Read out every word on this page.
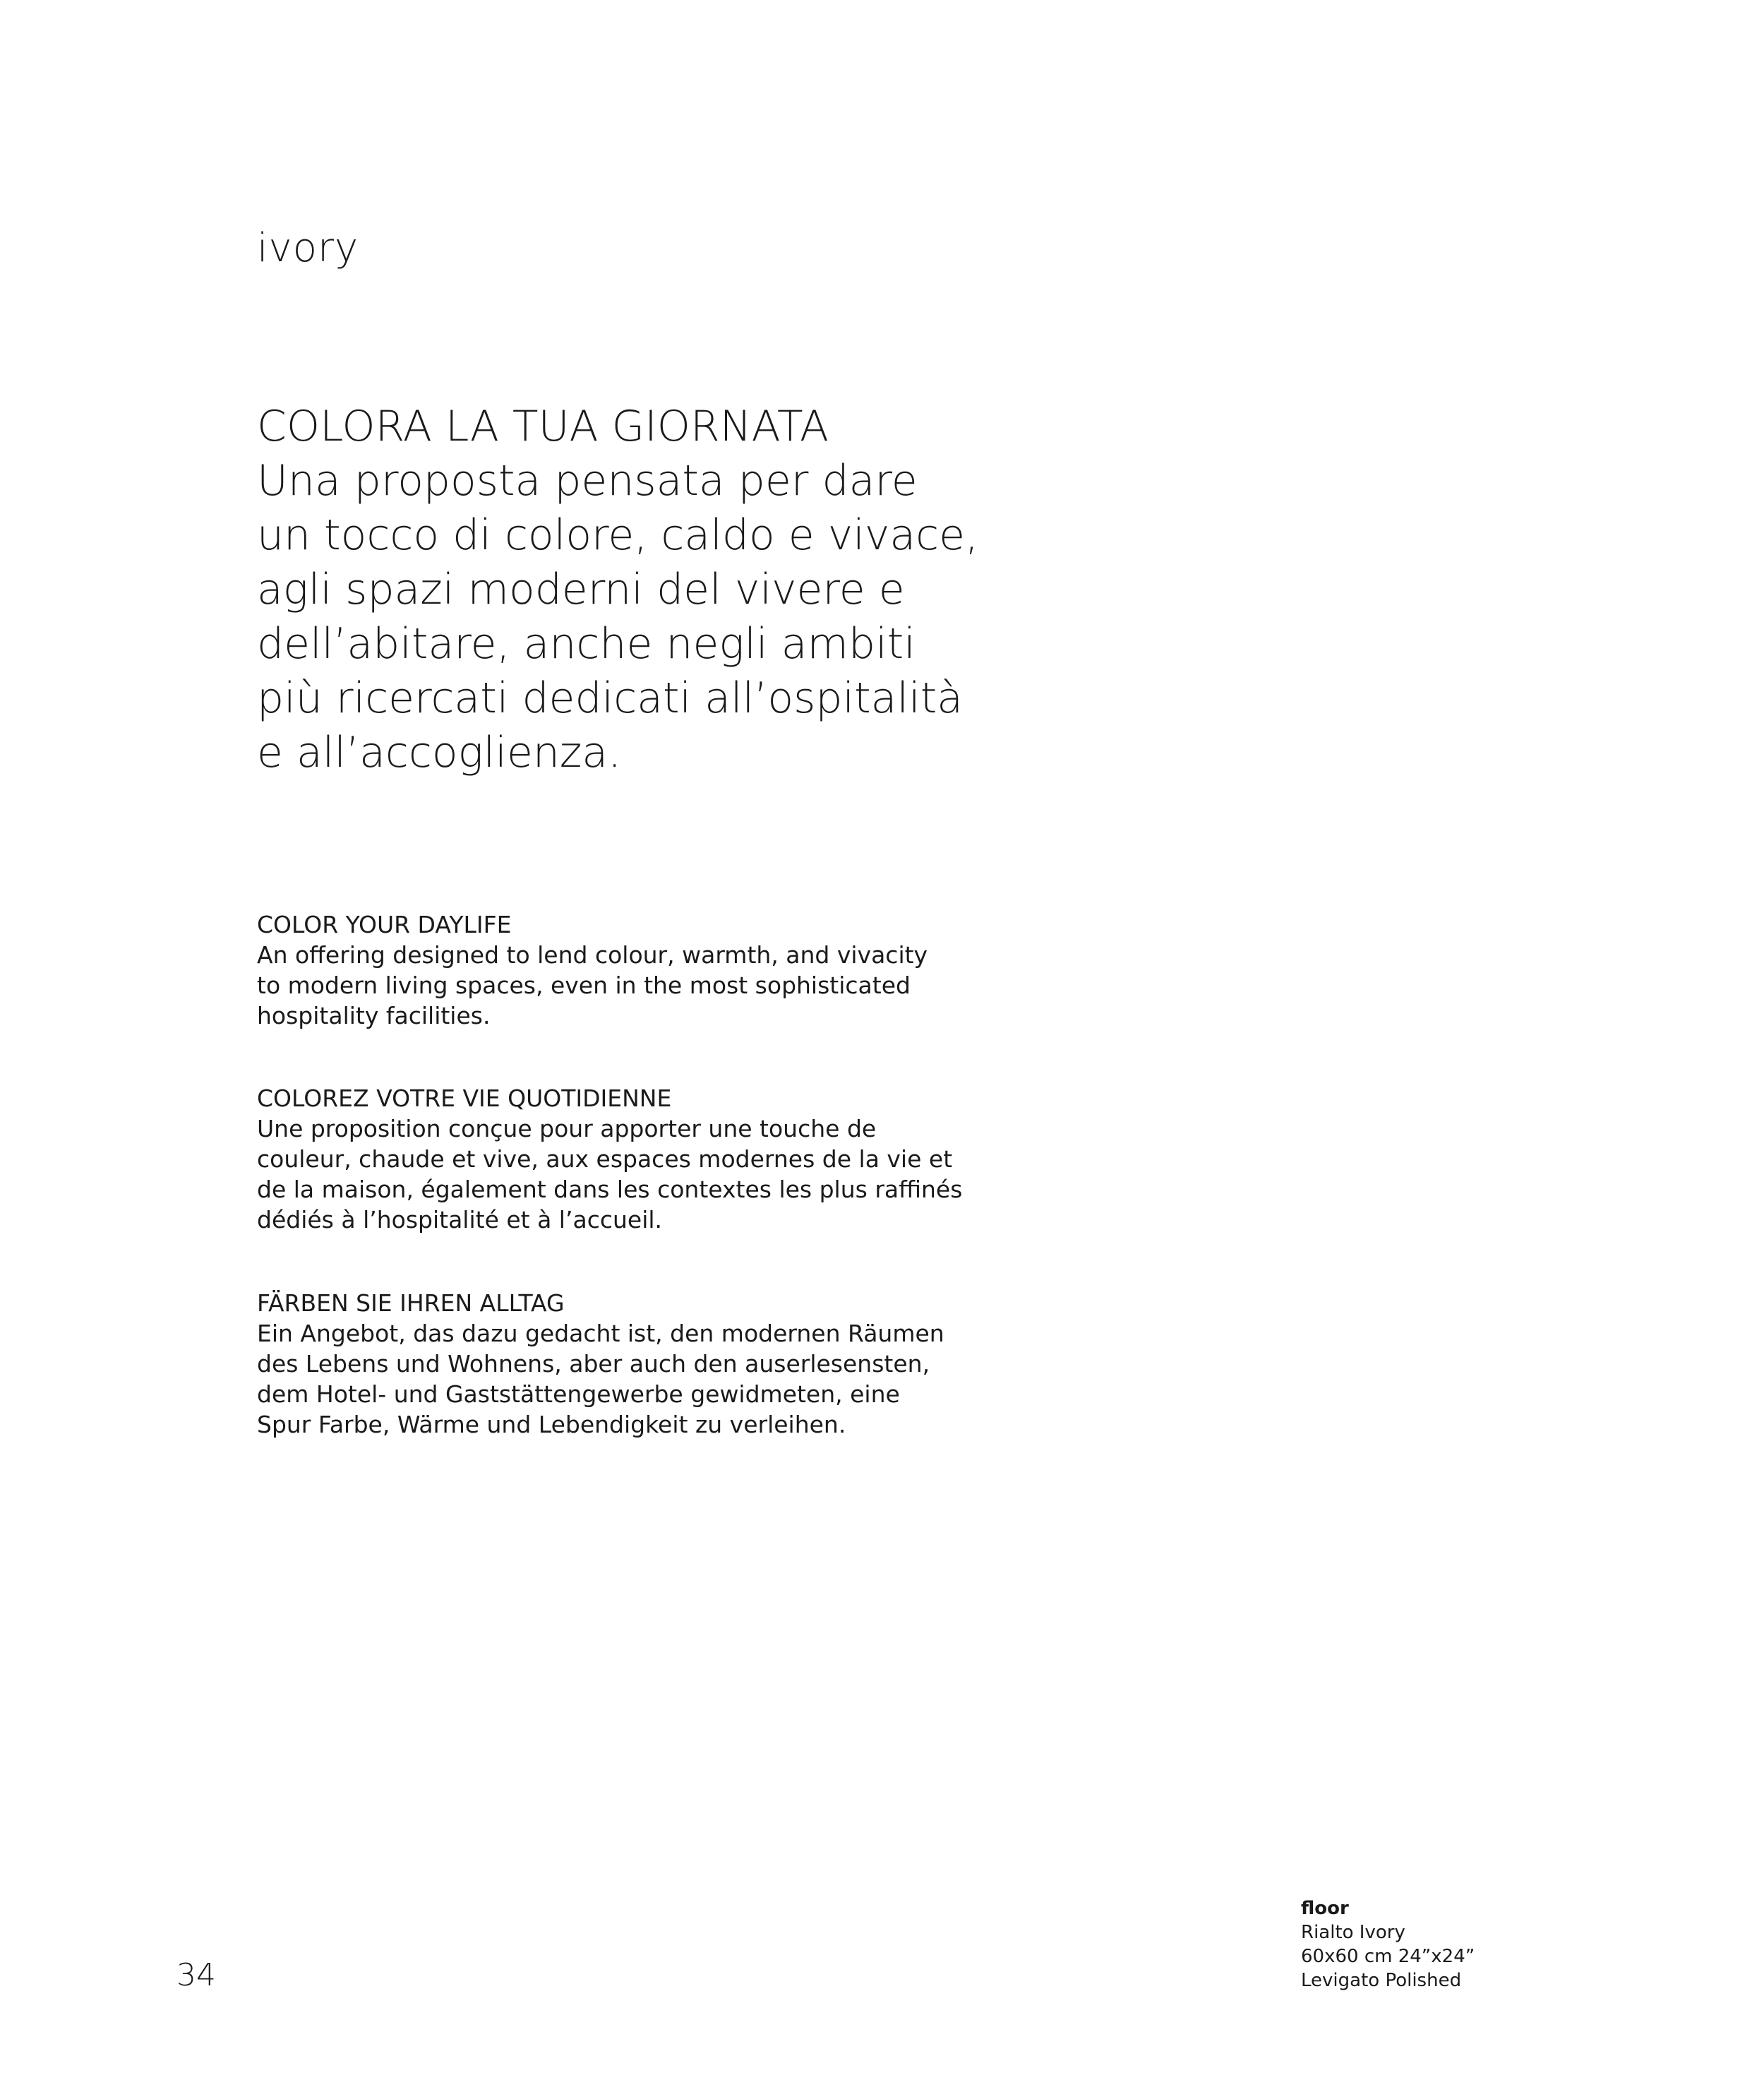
ivory
COLORA LA TUA GIORNATA
Una proposta pensata per dare
un tocco di colore, caldo e vivace,
agli spazi moderni del vivere e
dell’abitare, anche negli ambiti
più ricercati dedicati all’ospitalità
e all’accoglienza.
COLOR YOUR DAYLIFE
An offering designed to lend colour, warmth, and vivacity
to modern living spaces, even in the most sophisticated
hospitality facilities.
COLOREZ VOTRE VIE QUOTIDIENNE
Une proposition conçue pour apporter une touche de
couleur, chaude et vive, aux espaces modernes de la vie et
de la maison, également dans les contextes les plus raffinés
dédiés à l’hospitalité et à l’accueil.
FÄRBEN SIE IHREN ALLTAG
Ein Angebot, das dazu gedacht ist, den modernen Räumen
des Lebens und Wohnens, aber auch den auserlesensten,
dem Hotel- und Gaststättengewerbe gewidmeten, eine
Spur Farbe, Wärme und Lebendigkeit zu verleihen.
34
floor
Rialto Ivory
60x60 cm 24”x24”
Levigato Polished
